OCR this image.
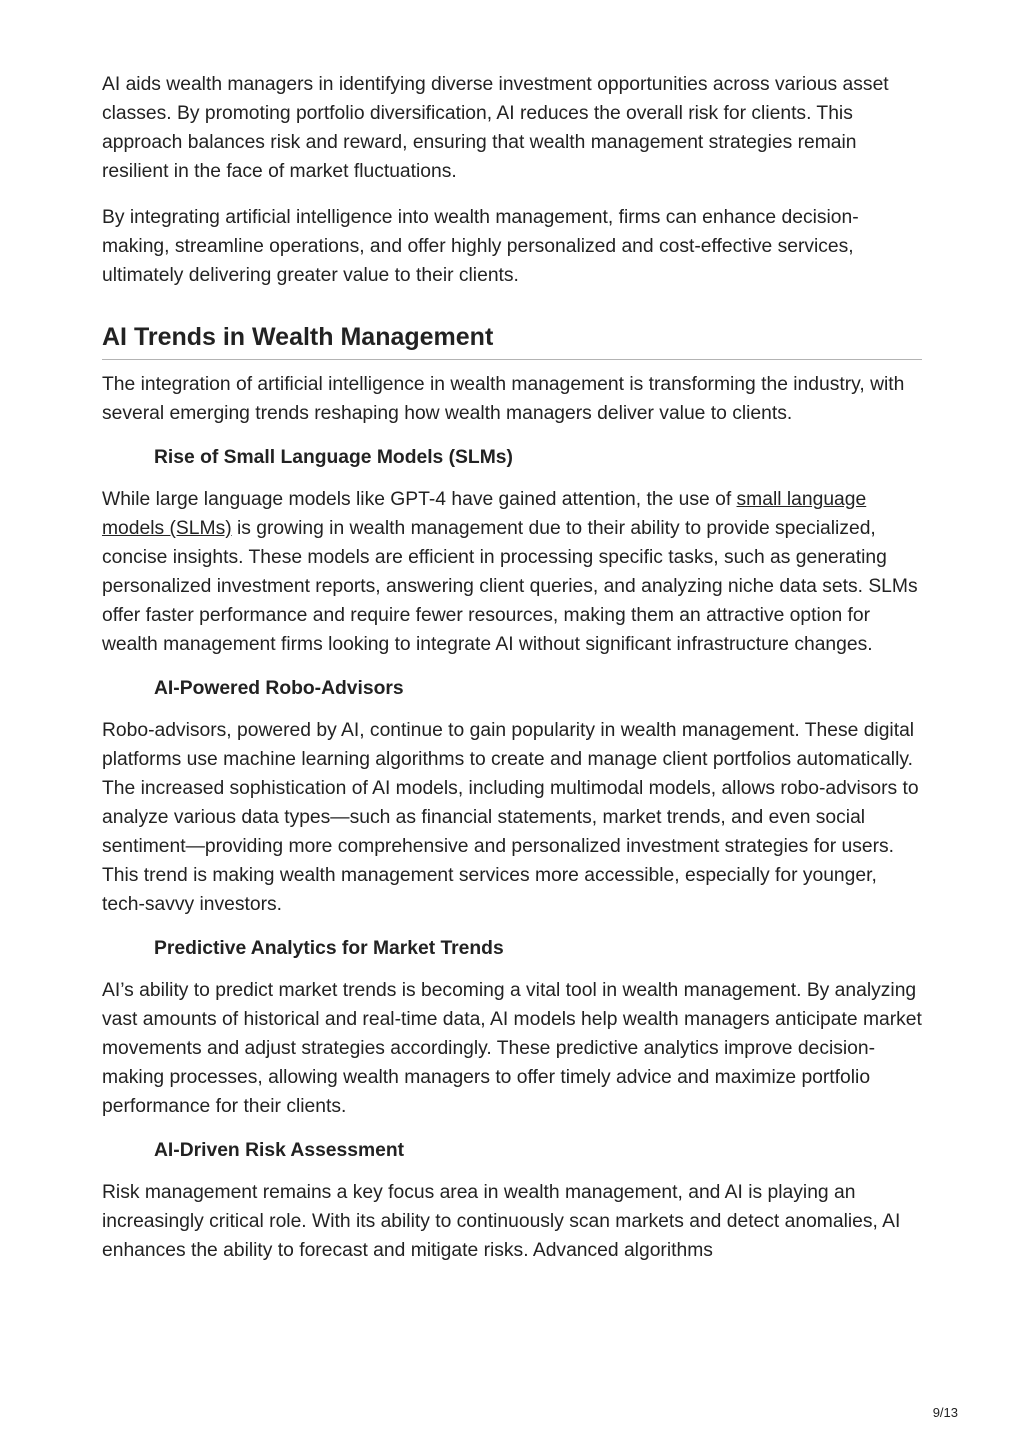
AI aids wealth managers in identifying diverse investment opportunities across various asset classes. By promoting portfolio diversification, AI reduces the overall risk for clients. This approach balances risk and reward, ensuring that wealth management strategies remain resilient in the face of market fluctuations.

By integrating artificial intelligence into wealth management, firms can enhance decision-making, streamline operations, and offer highly personalized and cost-effective services, ultimately delivering greater value to their clients.

AI Trends in Wealth Management

The integration of artificial intelligence in wealth management is transforming the industry, with several emerging trends reshaping how wealth managers deliver value to clients.

Rise of Small Language Models (SLMs)

While large language models like GPT-4 have gained attention, the use of small language models (SLMs) is growing in wealth management due to their ability to provide specialized, concise insights. These models are efficient in processing specific tasks, such as generating personalized investment reports, answering client queries, and analyzing niche data sets. SLMs offer faster performance and require fewer resources, making them an attractive option for wealth management firms looking to integrate AI without significant infrastructure changes.

AI-Powered Robo-Advisors

Robo-advisors, powered by AI, continue to gain popularity in wealth management. These digital platforms use machine learning algorithms to create and manage client portfolios automatically. The increased sophistication of AI models, including multimodal models, allows robo-advisors to analyze various data types—such as financial statements, market trends, and even social sentiment—providing more comprehensive and personalized investment strategies for users. This trend is making wealth management services more accessible, especially for younger, tech-savvy investors.

Predictive Analytics for Market Trends

AI’s ability to predict market trends is becoming a vital tool in wealth management. By analyzing vast amounts of historical and real-time data, AI models help wealth managers anticipate market movements and adjust strategies accordingly. These predictive analytics improve decision-making processes, allowing wealth managers to offer timely advice and maximize portfolio performance for their clients.

AI-Driven Risk Assessment

Risk management remains a key focus area in wealth management, and AI is playing an increasingly critical role. With its ability to continuously scan markets and detect anomalies, AI enhances the ability to forecast and mitigate risks. Advanced algorithms

9/13
